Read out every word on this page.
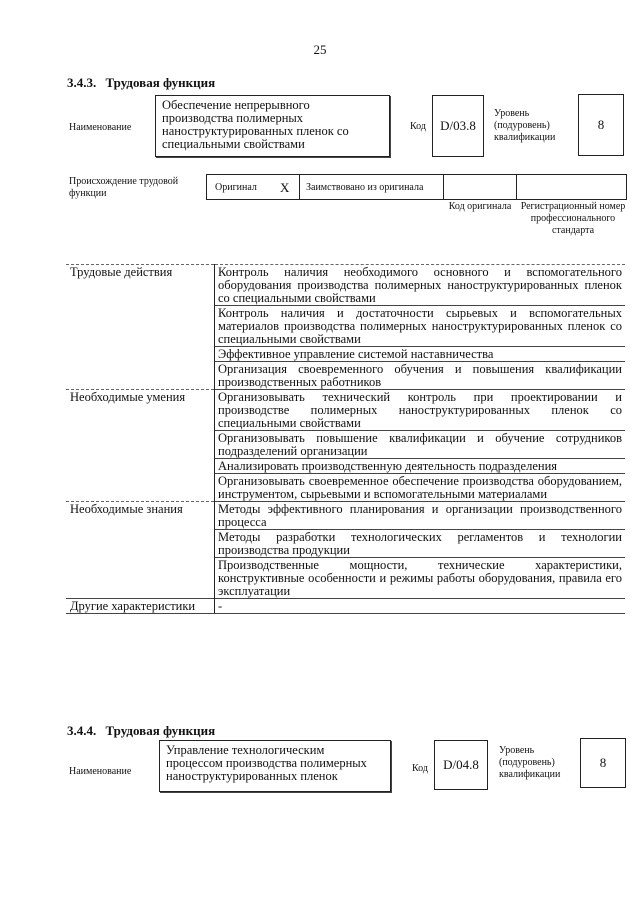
25
3.4.3. Трудовая функция
Наименование
Обеспечение непрерывного производства полимерных наноструктурированных пленок со специальными свойствами
Код	D/03.8
Уровень (подуровень) квалификации
8
Происхождение трудовой функции
Оригинал X Заимствовано из оригинала
Код оригинала Регистрационный номер профессионального стандарта
Трудовые действия	Контроль наличия необходимого основного и вспомогательного оборудования производства полимерных наноструктурированных пленок со специальными свойствами
	Контроль наличия и достаточности сырьевых и вспомогательных материалов производства полимерных наноструктурированных пленок со специальными свойствами
	Эффективное управление системой наставничества
	Организация своевременного обучения и повышения квалификации производственных работников
Необходимые умения	Организовывать технический контроль при проектировании и производстве полимерных наноструктурированных пленок со специальными свойствами
	Организовывать повышение квалификации и обучение сотрудников подразделений организации
	Анализировать производственную деятельность подразделения
	Организовывать своевременное обеспечение производства оборудованием, инструментом, сырьевыми и вспомогательными материалами
Необходимые знания	Методы эффективного планирования и организации производственного процесса
	Методы разработки технологических регламентов и технологии производства продукции
	Производственные мощности, технические характеристики, конструктивные особенности и режимы работы оборудования, правила его эксплуатации
Другие характеристики	-
3.4.4. Трудовая функция
Наименование
Управление технологическим процессом производства полимерных наноструктурированных пленок
Код	D/04.8
Уровень (подуровень) квалификации
8
